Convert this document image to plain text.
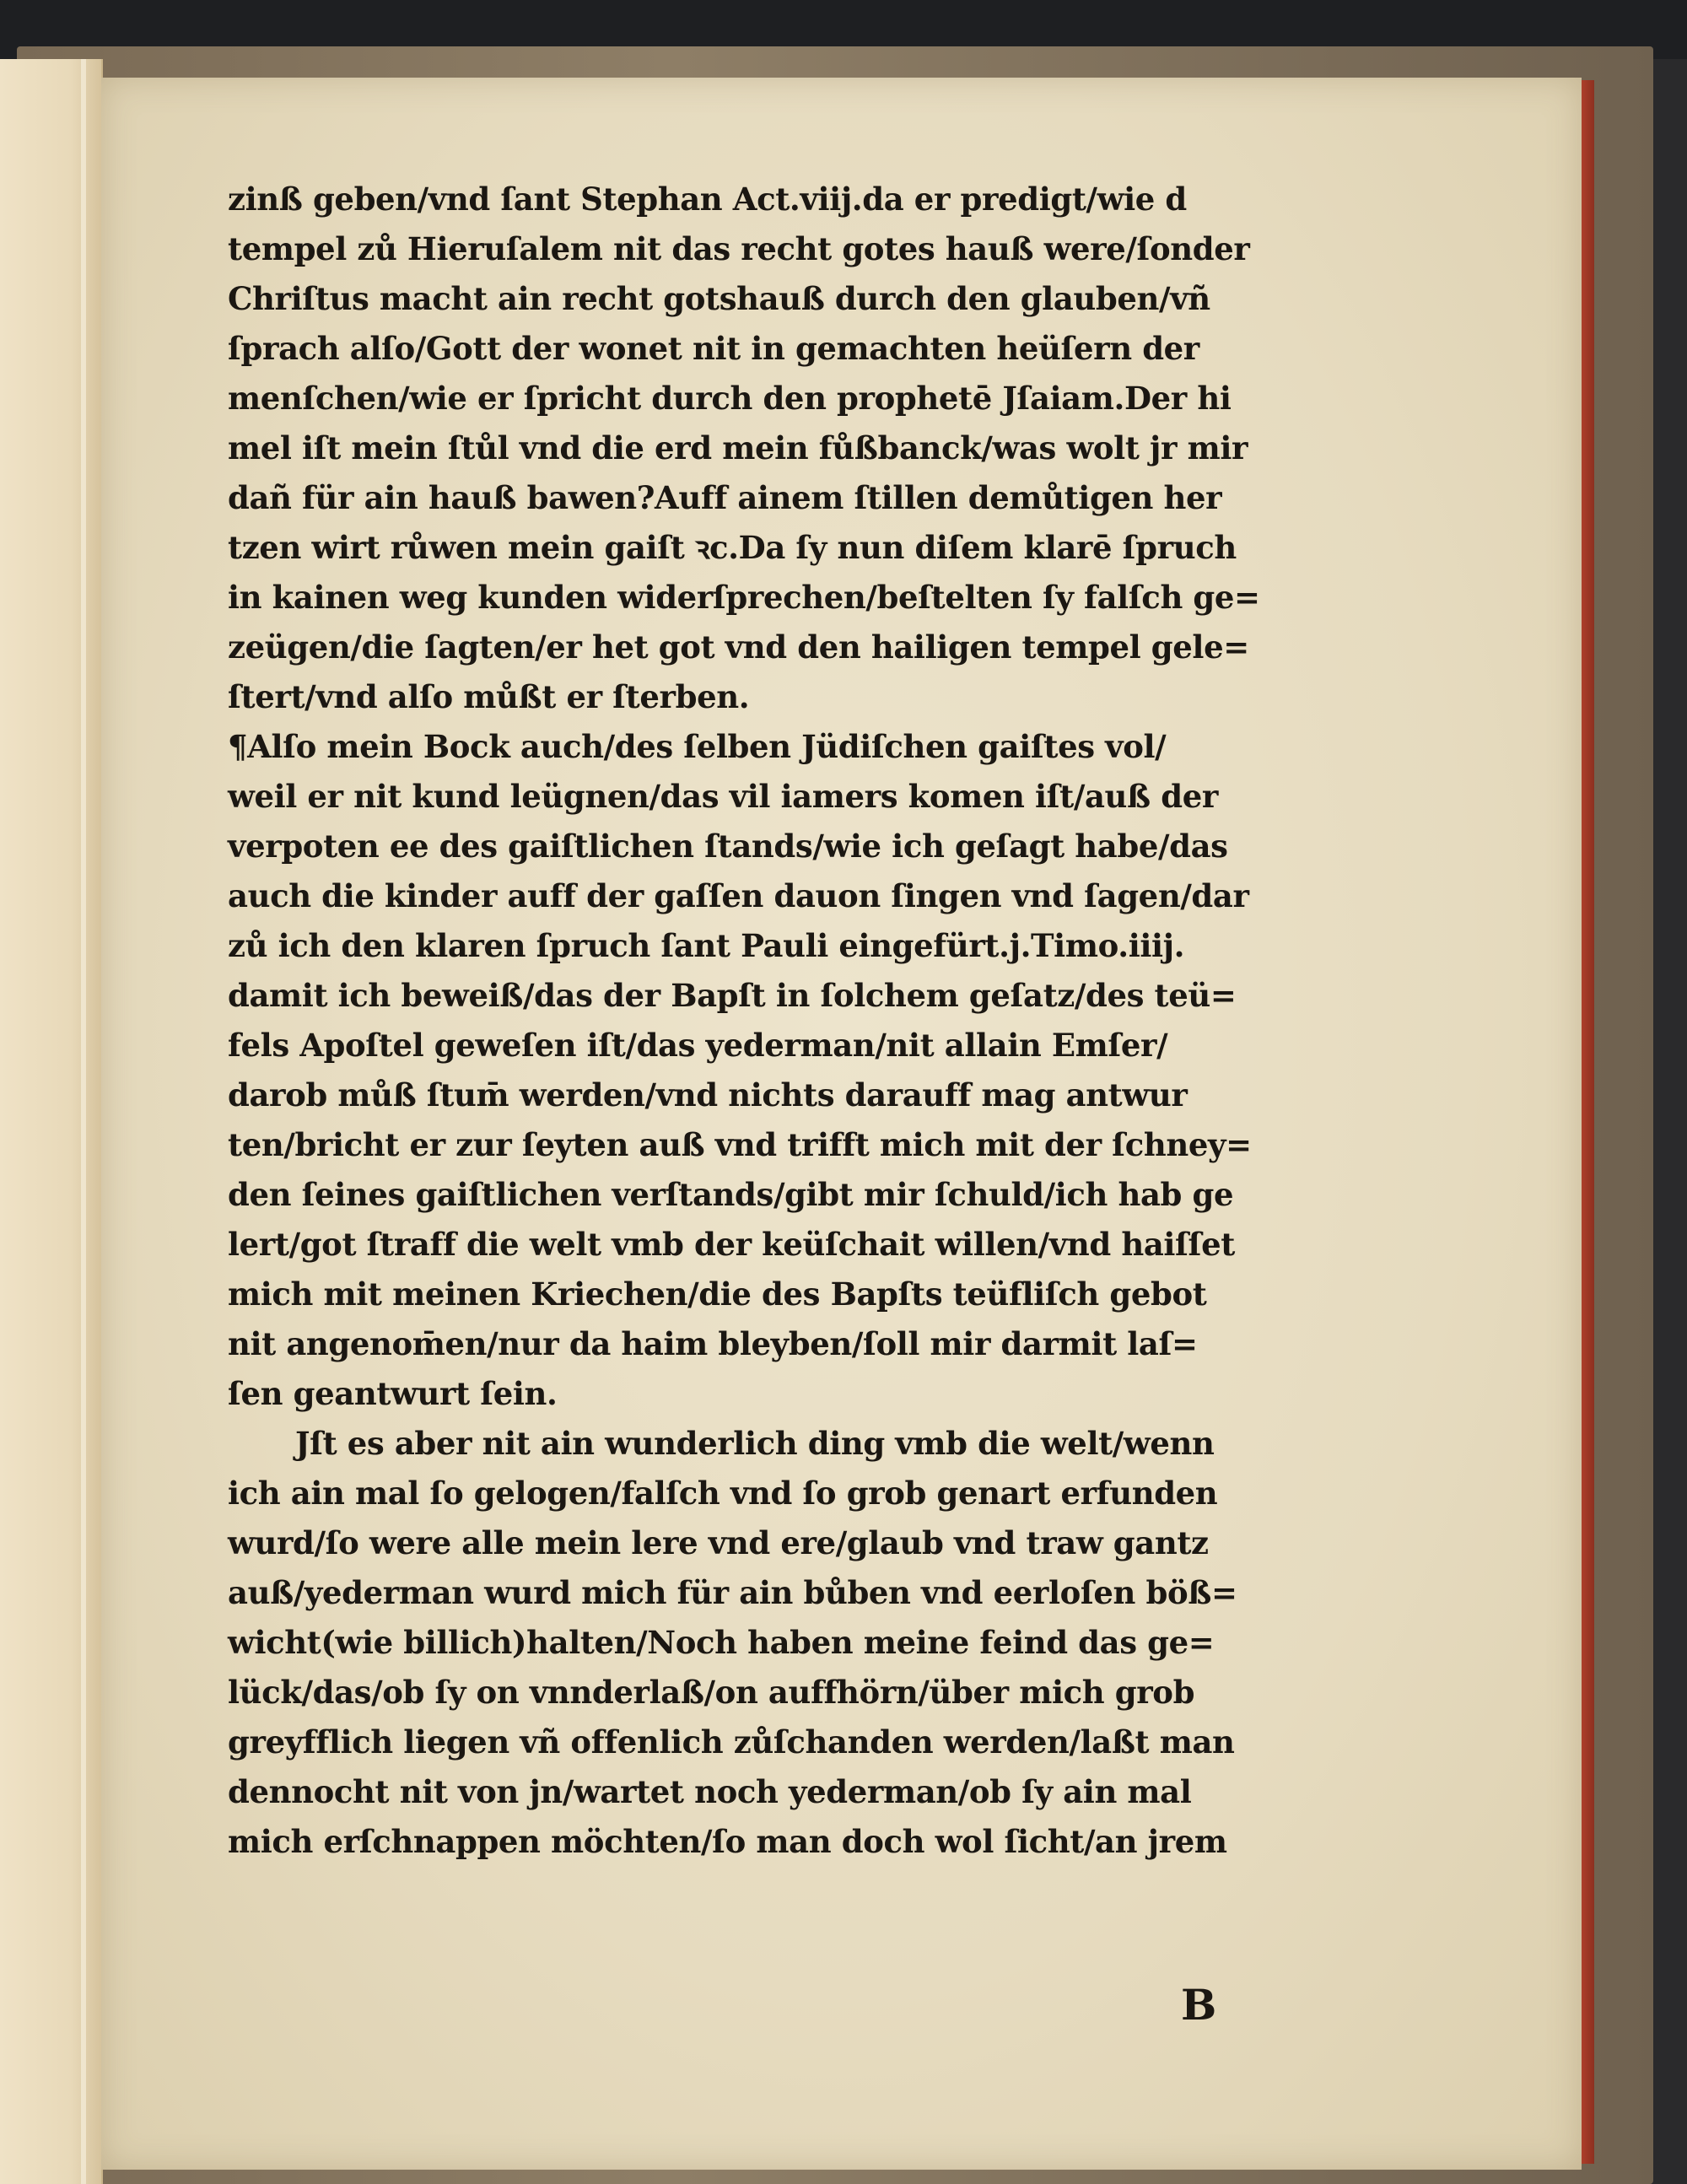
zinß geben/vnd ſant Stephan Act.viij.da er predigt/wie d
tempel zů Hieruſalem nit das recht gotes hauß were/ſonder
Chriſtus macht ain recht gotshauß durch den glauben/vñ
ſprach alſo/Gott der wonet nit in gemachten heüſern der
menſchen/wie er ſpricht durch den prophetē Jſaiam.Der hi
mel iſt mein ſtůl vnd die erd mein fůßbanck/was wolt jr mir
dañ für ain hauß bawen?Auff ainem ſtillen demůtigen her
tzen wirt růwen mein gaiſt ꝛc.Da ſy nun diſem klarē ſpruch
in kainen weg kunden widerſprechen/beſtelten ſy falſch ge=
zeügen/die ſagten/er het got vnd den hailigen tempel gele=
ſtert/vnd alſo můßt er ſterben.
¶Alſo mein Bock auch/des ſelben Jüdiſchen gaiſtes vol/
weil er nit kund leügnen/das vil iamers komen iſt/auß der
verpoten ee des gaiſtlichen ſtands/wie ich geſagt habe/das
auch die kinder auff der gaſſen dauon ſingen vnd ſagen/dar
zů ich den klaren ſpruch ſant Pauli eingefürt.j.Timo.iiij.
damit ich beweiß/das der Bapſt in ſolchem geſatz/des teü=
fels Apoſtel geweſen iſt/das yederman/nit allain Emſer/
darob můß ſtum̄ werden/vnd nichts darauff mag antwur
ten/bricht er zur ſeyten auß vnd trifft mich mit der ſchney=
den ſeines gaiſtlichen verſtands/gibt mir ſchuld/ich hab ge
lert/got ſtraff die welt vmb der keüſchait willen/vnd haiſſet
mich mit meinen Kriechen/die des Bapſts teüfliſch gebot
nit angenom̄en/nur da haim bleyben/ſoll mir darmit laſ=
ſen geantwurt ſein.
Jſt es aber nit ain wunderlich ding vmb die welt/wenn
ich ain mal ſo gelogen/falſch vnd ſo grob genart erfunden
wurd/ſo were alle mein lere vnd ere/glaub vnd traw gantz
auß/yederman wurd mich für ain bůben vnd eerloſen böß=
wicht(wie billich)halten/Noch haben meine feind das ge=
lück/das/ob ſy on vnnderlaß/on auffhörn/über mich grob
greyfflich liegen vñ offenlich zůſchanden werden/laßt man
dennocht nit von jn/wartet noch yederman/ob ſy ain mal
mich erſchnappen möchten/ſo man doch wol ſicht/an jrem
B
